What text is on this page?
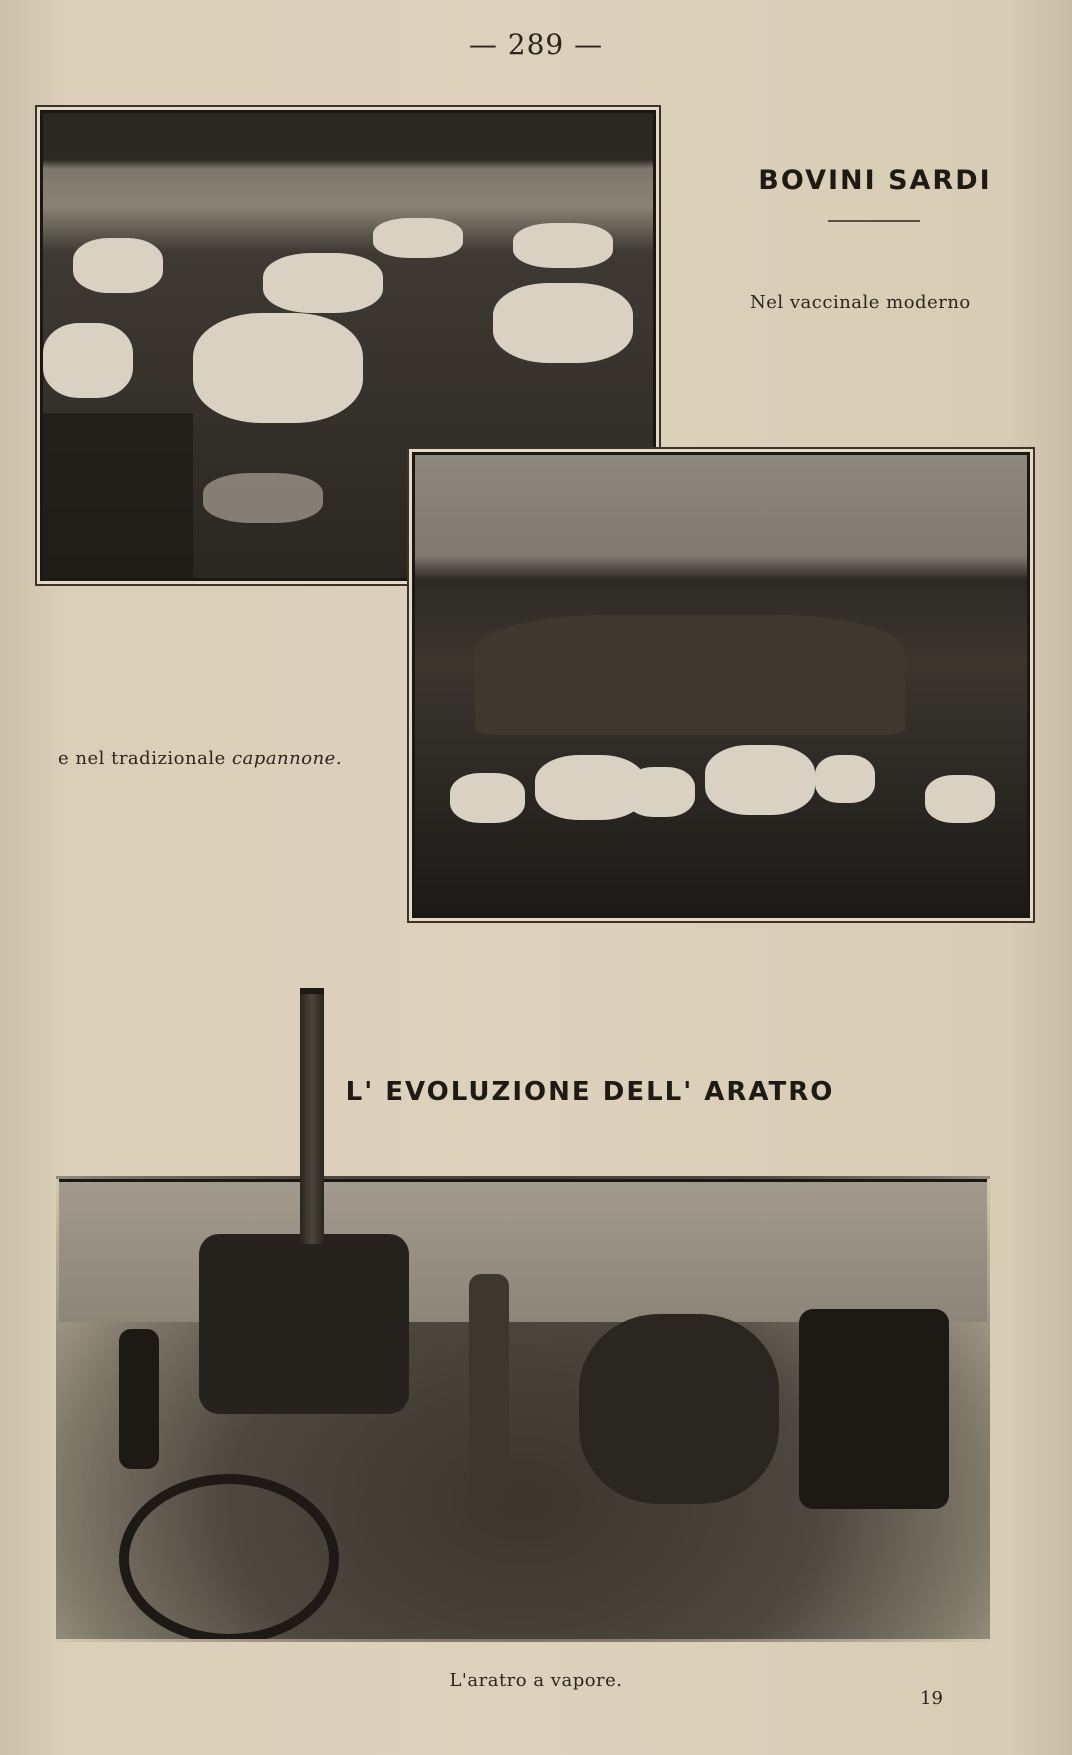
— 289 —
BOVINI SARDI
Nel vaccinale moderno
e nel tradizionale capannone.
L' EVOLUZIONE DELL' ARATRO
L'aratro a vapore.
19
